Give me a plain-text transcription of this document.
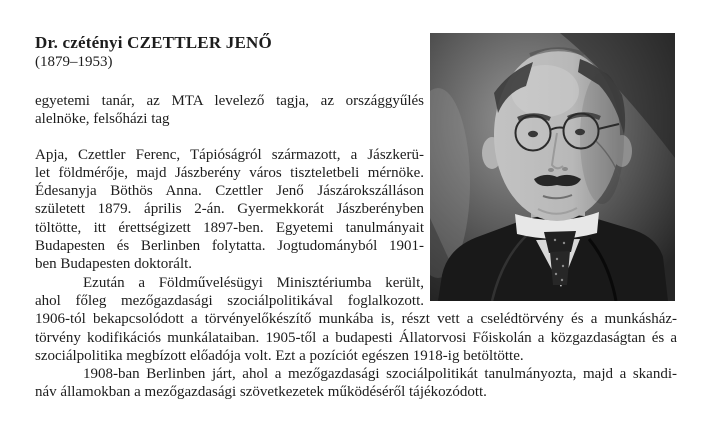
Dr. czétényi CZETTLER JENŐ
(1879–1953)
egyetemi tanár, az MTA levelező tagja, az országgyűlés
alelnöke, felsőházi tag
Apja, Czettler Ferenc, Tápióságról származott, a Jászkerü-
let földmérője, majd Jászberény város tiszteletbeli mérnöke.
Édesanyja Böthös Anna. Czettler Jenő Jászárokszálláson
született 1879. április 2-án. Gyermekkorát Jászberényben
töltötte, itt érettségizett 1897-ben. Egyetemi tanulmányait
Budapesten és Berlinben folytatta. Jogtudományból 1901-
ben Budapesten doktorált.
Ezután a Földművelésügyi Minisztériumba került,
ahol főleg mezőgazdasági szociálpolitikával foglalkozott.
1906-tól bekapcsolódott a törvényelőkészítő munkába is, részt vett a cselédtörvény és a munkásház-
törvény kodifikációs munkálataiban. 1905-től a budapesti Állatorvosi Főiskolán a közgazdaságtan és a
szociálpolitika megbízott előadója volt. Ezt a pozíciót egészen 1918-ig betöltötte.
1908-ban Berlinben járt, ahol a mezőgazdasági szociálpolitikát tanulmányozta, majd a skandi-
náv államokban a mezőgazdasági szövetkezetek működéséről tájékozódott.
